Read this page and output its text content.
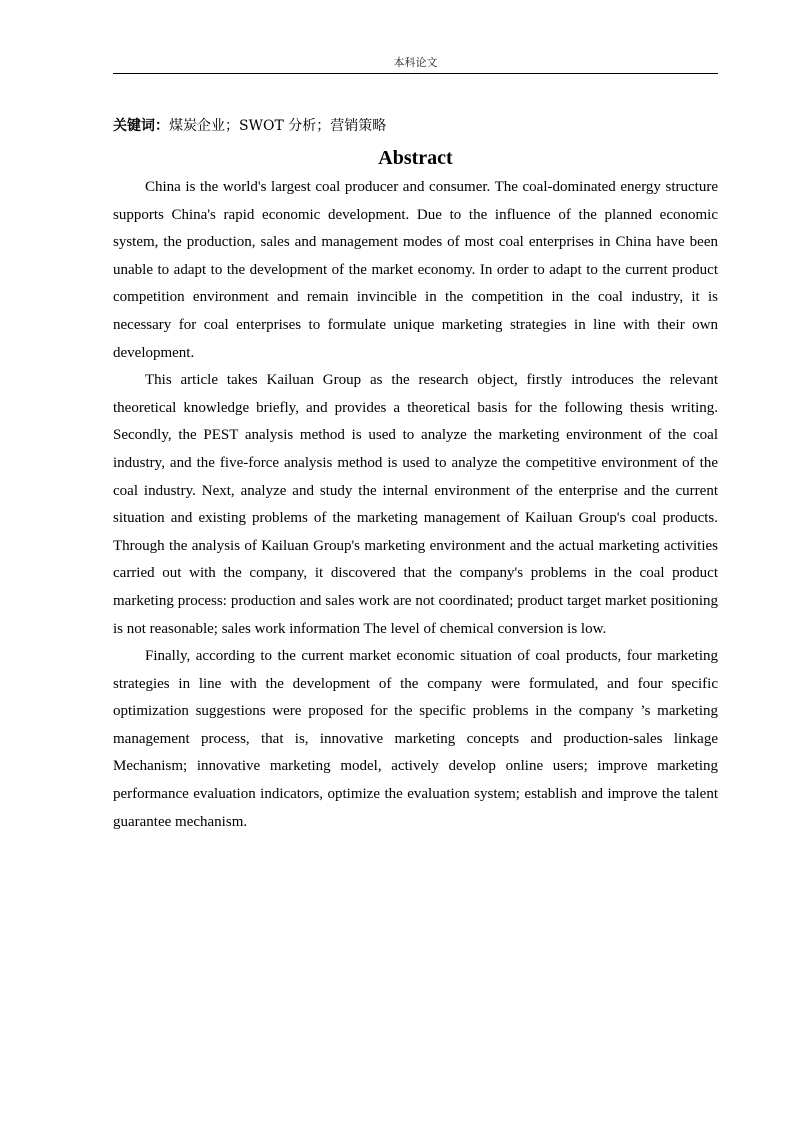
本科论文
关键词：煤炭企业；SWOT 分析；营销策略
Abstract

China is the world's largest coal producer and consumer. The coal-dominated energy structure supports China's rapid economic development. Due to the influence of the planned economic system, the production, sales and management modes of most coal enterprises in China have been unable to adapt to the development of the market economy. In order to adapt to the current product competition environment and remain invincible in the competition in the coal industry, it is necessary for coal enterprises to formulate unique marketing strategies in line with their own development.

This article takes Kailuan Group as the research object, firstly introduces the relevant theoretical knowledge briefly, and provides a theoretical basis for the following thesis writing. Secondly, the PEST analysis method is used to analyze the marketing environment of the coal industry, and the five-force analysis method is used to analyze the competitive environment of the coal industry. Next, analyze and study the internal environment of the enterprise and the current situation and existing problems of the marketing management of Kailuan Group's coal products. Through the analysis of Kailuan Group's marketing environment and the actual marketing activities carried out with the company, it discovered that the company's problems in the coal product marketing process: production and sales work are not coordinated; product target market positioning is not reasonable; sales work information The level of chemical conversion is low.

Finally, according to the current market economic situation of coal products, four marketing strategies in line with the development of the company were formulated, and four specific optimization suggestions were proposed for the specific problems in the company ’s marketing management process, that is, innovative marketing concepts and production-sales linkage Mechanism; innovative marketing model, actively develop online users; improve marketing performance evaluation indicators, optimize the evaluation system; establish and improve the talent guarantee mechanism.
